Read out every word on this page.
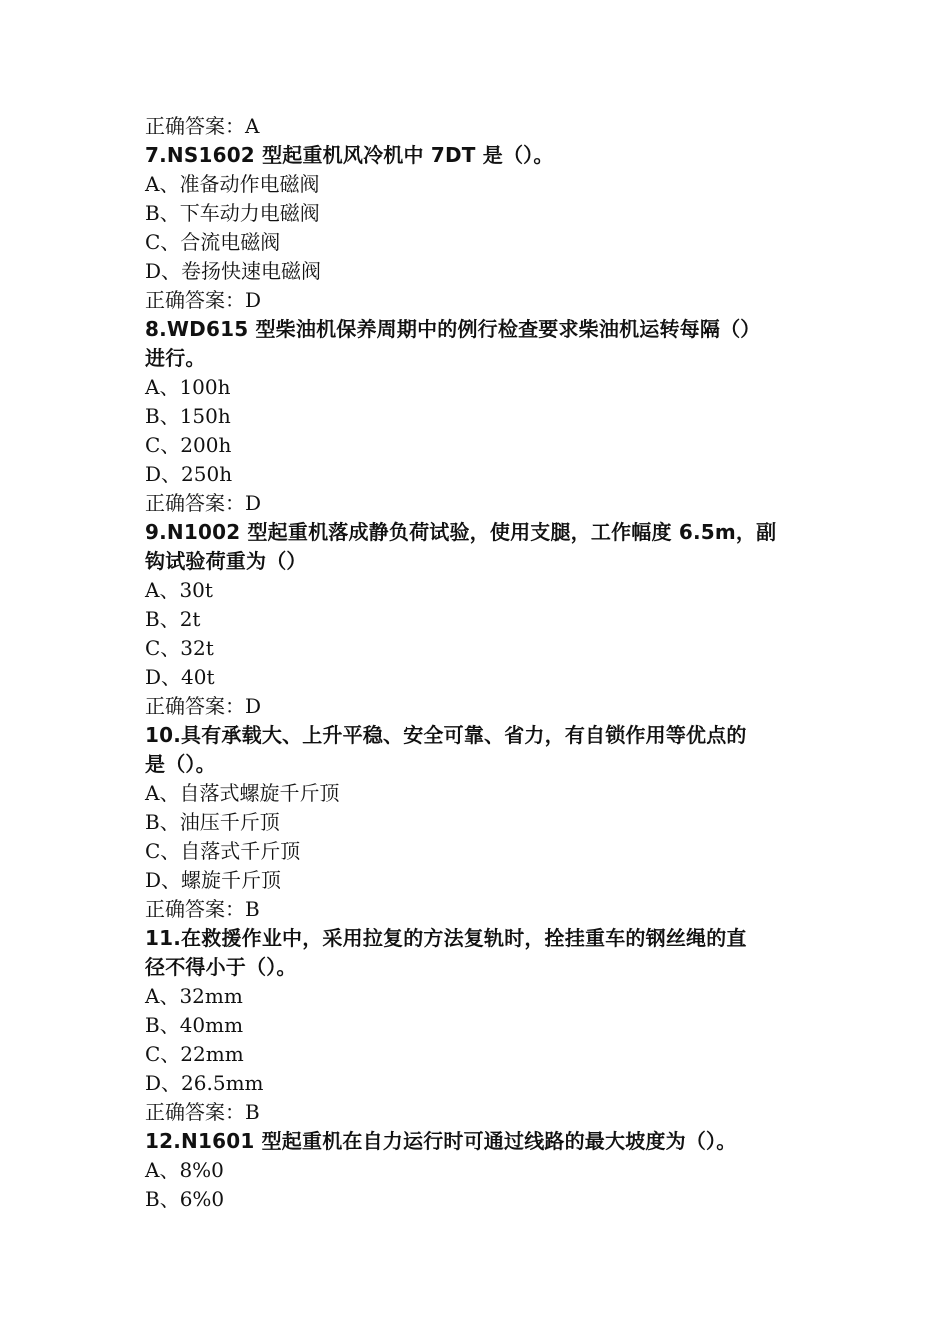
正确答案：A

7.NS1602 型起重机风冷机中 7DT 是（）。

A、准备动作电磁阀

B、下车动力电磁阀

C、合流电磁阀

D、卷扬快速电磁阀

正确答案：D

8.WD615 型柴油机保养周期中的例行检查要求柴油机运转每隔（）

进行。

A、100h

B、150h

C、200h

D、250h

正确答案：D

9.N1002 型起重机落成静负荷试验，使用支腿，工作幅度 6.5m，副

钩试验荷重为（）

A、30t

B、2t

C、32t

D、40t

正确答案：D

10.具有承载大、上升平稳、安全可靠、省力，有自锁作用等优点的

是（）。

A、自落式螺旋千斤顶

B、油压千斤顶

C、自落式千斤顶

D、螺旋千斤顶

正确答案：B

11.在救援作业中，采用拉复的方法复轨时，拴挂重车的钢丝绳的直

径不得小于（）。

A、32mm

B、40mm

C、22mm

D、26.5mm

正确答案：B

12.N1601 型起重机在自力运行时可通过线路的最大坡度为（）。

A、8%0

B、6%0
